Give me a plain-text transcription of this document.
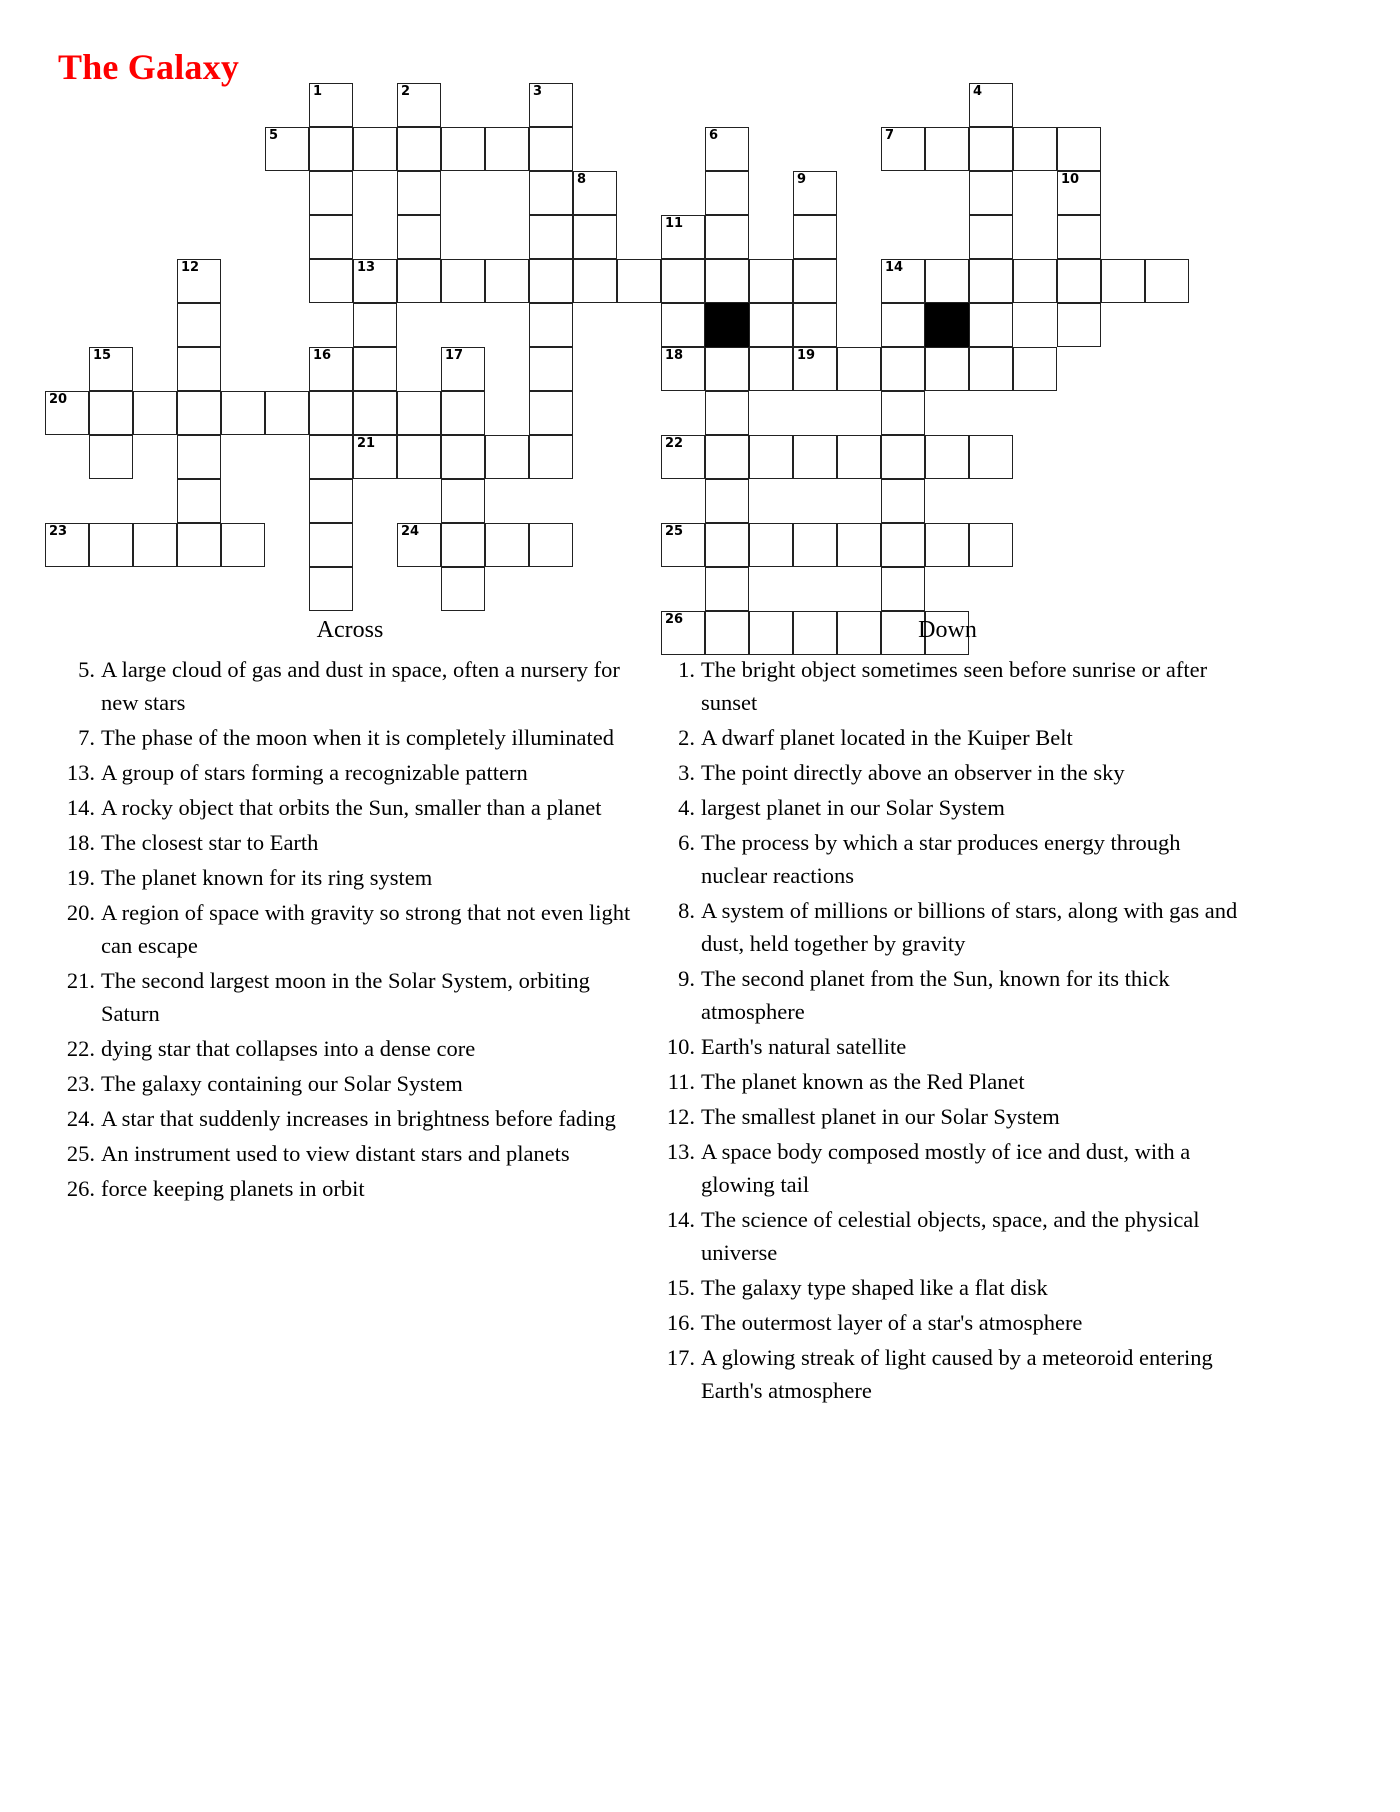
The Galaxy
1	2	3	4
5	6	7
8	9	10
11
12	13	14
15	16	17	18	19
20
21	22
23	24	25
26
Across
5. A large cloud of gas and dust in space, often a nursery for new stars
7. The phase of the moon when it is completely illuminated
13. A group of stars forming a recognizable pattern
14. A rocky object that orbits the Sun, smaller than a planet
18. The closest star to Earth
19. The planet known for its ring system
20. A region of space with gravity so strong that not even light can escape
21. The second largest moon in the Solar System, orbiting Saturn
22. dying star that collapses into a dense core
23. The galaxy containing our Solar System
24. A star that suddenly increases in brightness before fading
25. An instrument used to view distant stars and planets
26. force keeping planets in orbit
Down
1. The bright object sometimes seen before sunrise or after sunset
2. A dwarf planet located in the Kuiper Belt
3. The point directly above an observer in the sky
4. largest planet in our Solar System
6. The process by which a star produces energy through nuclear reactions
8. A system of millions or billions of stars, along with gas and dust, held together by gravity
9. The second planet from the Sun, known for its thick atmosphere
10. Earth's natural satellite
11. The planet known as the Red Planet
12. The smallest planet in our Solar System
13. A space body composed mostly of ice and dust, with a glowing tail
14. The science of celestial objects, space, and the physical universe
15. The galaxy type shaped like a flat disk
16. The outermost layer of a star's atmosphere
17. A glowing streak of light caused by a meteoroid entering Earth's atmosphere
